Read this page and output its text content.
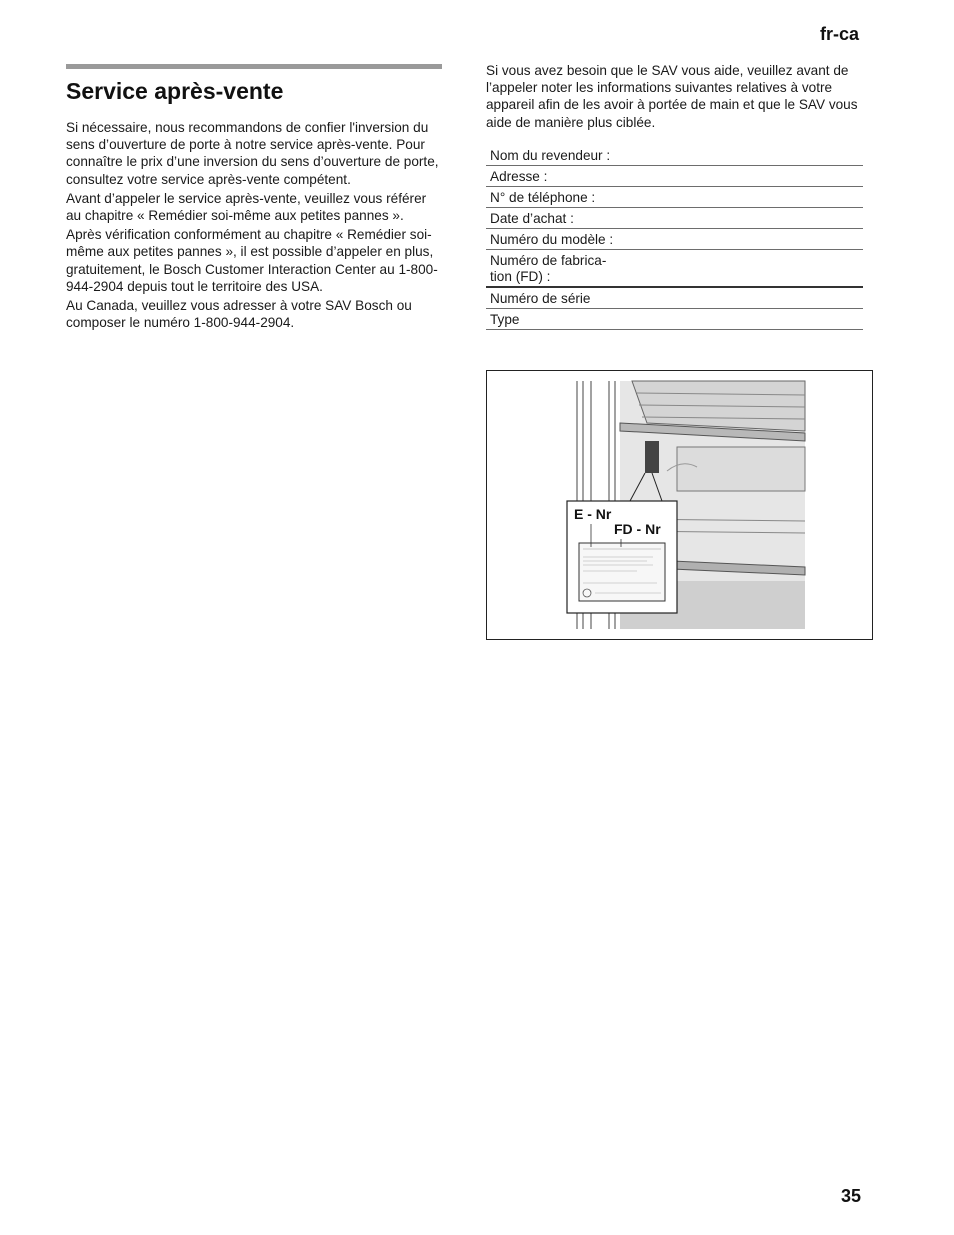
fr-ca
Service après-vente

Si nécessaire, nous recommandons de confier l'inversion du sens d’ouverture de porte à notre service après-vente. Pour connaître le prix d’une inversion du sens d’ouverture de porte, consultez votre service après-vente compétent.

Avant d’appeler le service après-vente, veuillez vous référer au chapitre « Remédier soi-même aux petites pannes ».

Après vérification conformément au chapitre « Remédier soi-même aux petites pannes », il est possible d’appeler en plus, gratuitement, le Bosch Customer Interaction Center au 1-800-944-2904 depuis tout le territoire des USA.

Au Canada, veuillez vous adresser à votre SAV Bosch ou composer le numéro 1-800-944-2904.

Si vous avez besoin que le SAV vous aide, veuillez avant de l’appeler noter les informations suivantes relatives à votre appareil afin de les avoir à portée de main et que le SAV vous aide de manière plus ciblée.

Nom du revendeur :
Adresse :
N° de téléphone :
Date d’achat :
Numéro du modèle :
Numéro de fabrica-
tion (FD) :
Numéro de série
Type
E - Nr
FD - Nr
35
